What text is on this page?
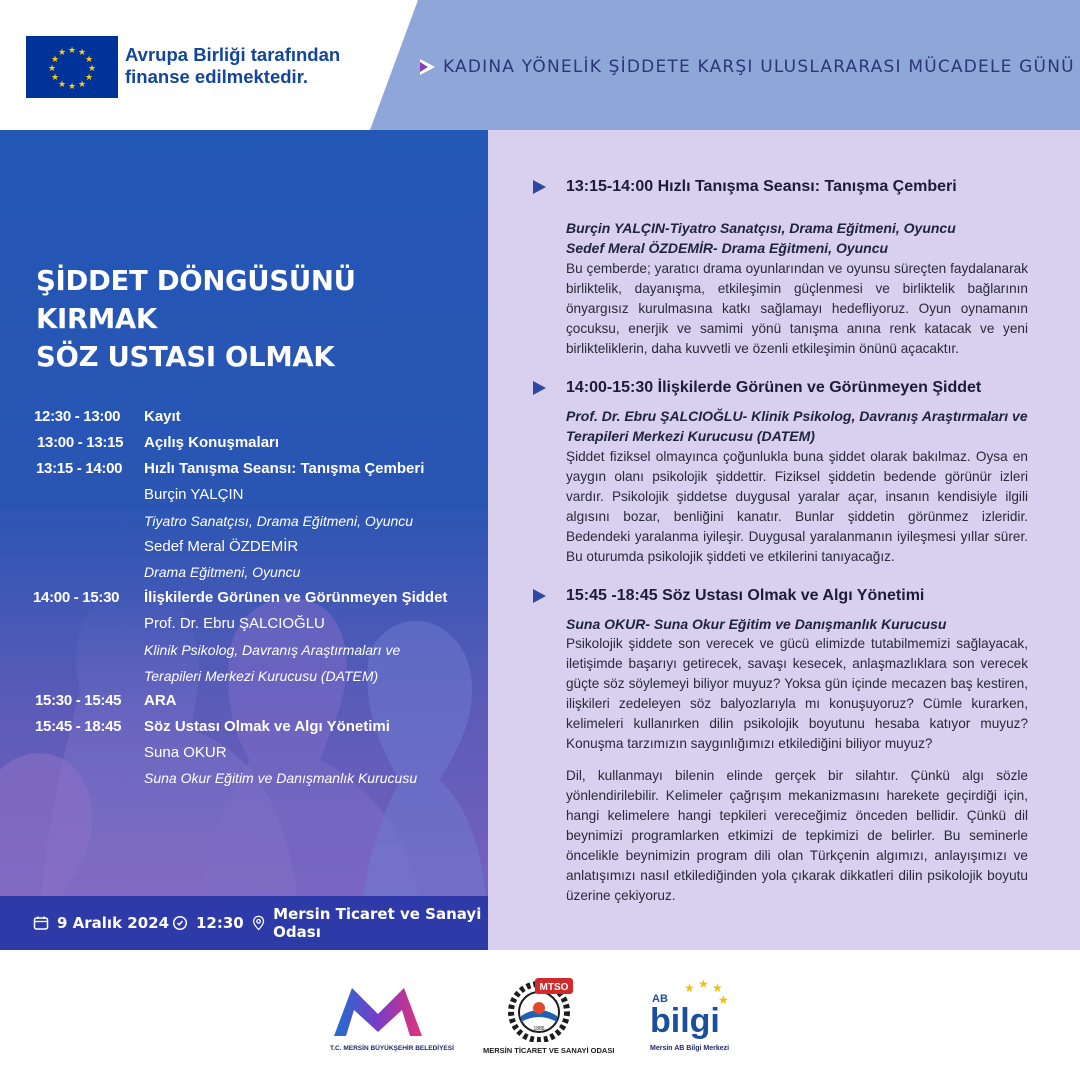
★ ★
★
★
★
★
★
★
★
★
★
★	Avrupa Birliği tarafından
finanse edilmektedir.	KADINA YÖNELİK ŞİDDETE KARŞI ULUSLARARASI MÜCADELE GÜNÜ
ŞİDDET DÖNGÜSÜNÜ KIRMAK
SÖZ USTASI OLMAK
12:30 - 13:00	Kayıt
13:00 - 13:15	Açılış Konuşmaları
13:15 - 14:00	Hızlı Tanışma Seansı: Tanışma Çemberi
Burçin YALÇIN
Tiyatro Sanatçısı, Drama Eğitmeni, Oyuncu
Sedef Meral ÖZDEMİR
Drama Eğitmeni, Oyuncu
14:00 - 15:30	İlişkilerde Görünen ve Görünmeyen Şiddet
Prof. Dr. Ebru ŞALCIOĞLU
Klinik Psikolog, Davranış Araştırmaları ve
Terapileri Merkezi Kurucusu (DATEM)
15:30 - 15:45	ARA
15:45 - 18:45	Söz Ustası Olmak ve Algı Yönetimi
Suna OKUR
Suna Okur Eğitim ve Danışmanlık Kurucusu
9 Aralık 2024 12:30 Mersin Ticaret ve Sanayi Odası
13:15-14:00 Hızlı Tanışma Seansı: Tanışma Çemberi
Burçin YALÇIN-Tiyatro Sanatçısı, Drama Eğitmeni, Oyuncu
Sedef Meral ÖZDEMİR- Drama Eğitmeni, Oyuncu
Bu çemberde; yaratıcı drama oyunlarından ve oyunsu süreçten faydalanarak birliktelik, dayanışma, etkileşimin güçlenmesi ve birliktelik bağlarının önyargısız kurulmasına katkı sağlamayı hedefliyoruz. Oyun oynamanın çocuksu, enerjik ve samimi yönü tanışma anına renk katacak ve yeni birlikteliklerin, daha kuvvetli ve özenli etkileşimin önünü açacaktır.
14:00-15:30 İlişkilerde Görünen ve Görünmeyen Şiddet
Prof. Dr. Ebru ŞALCIOĞLU- Klinik Psikolog, Davranış Araştırmaları ve Terapileri Merkezi Kurucusu (DATEM)
Şiddet fiziksel olmayınca çoğunlukla buna şiddet olarak bakılmaz. Oysa en yaygın olanı psikolojik şiddettir. Fiziksel şiddetin bedende görünür izleri vardır. Psikolojik şiddetse duygusal yaralar açar, insanın kendisiyle ilgili algısını bozar, benliğini kanatır. Bunlar şiddetin görünmez izleridir. Bedendeki yaralanma iyileşir. Duygusal yaralanmanın iyileşmesi yıllar sürer. Bu oturumda psikolojik şiddeti ve etkilerini tanıyacağız.
15:45 -18:45 Söz Ustası Olmak ve Algı Yönetimi
Suna OKUR- Suna Okur Eğitim ve Danışmanlık Kurucusu
Psikolojik şiddete son verecek ve gücü elimizde tutabilmemizi sağlayacak, iletişimde başarıyı getirecek, savaşı kesecek, anlaşmazlıklara son verecek güçte söz söylemeyi biliyor muyuz? Yoksa gün içinde mecazen baş kestiren, ilişkileri zedeleyen söz balyozlarıyla mı konuşuyoruz? Cümle kurarken, kelimeleri kullanırken dilin psikolojik boyutunu hesaba katıyor muyuz? Konuşma tarzımızın saygınlığımızı etkilediğini biliyor muyuz?
Dil, kullanmayı bilenin elinde gerçek bir silahtır. Çünkü algı sözle yönlendirilebilir. Kelimeler çağrışım mekanizmasını harekete geçirdiği için, hangi kelimelere hangi tepkileri vereceğimiz önceden bellidir. Çünkü dil beynimizi programlarken etkimizi de tepkimizi de belirler. Bu seminerle öncelikle beynimizin program dili olan Türkçenin algımızı, anlayışımızı ve anlatışımızı nasıl etkilediğinden yola çıkarak dikkatleri dilin psikolojik boyutu üzerine çekiyoruz.
T.C. MERSİN BÜYÜKŞEHİR BELEDİYESİ
MTSO
1886
MERSİN TİCARET VE SANAYİ ODASI
★ ★ ★
★
AB
bilgi
Mersin AB Bilgi Merkezi
